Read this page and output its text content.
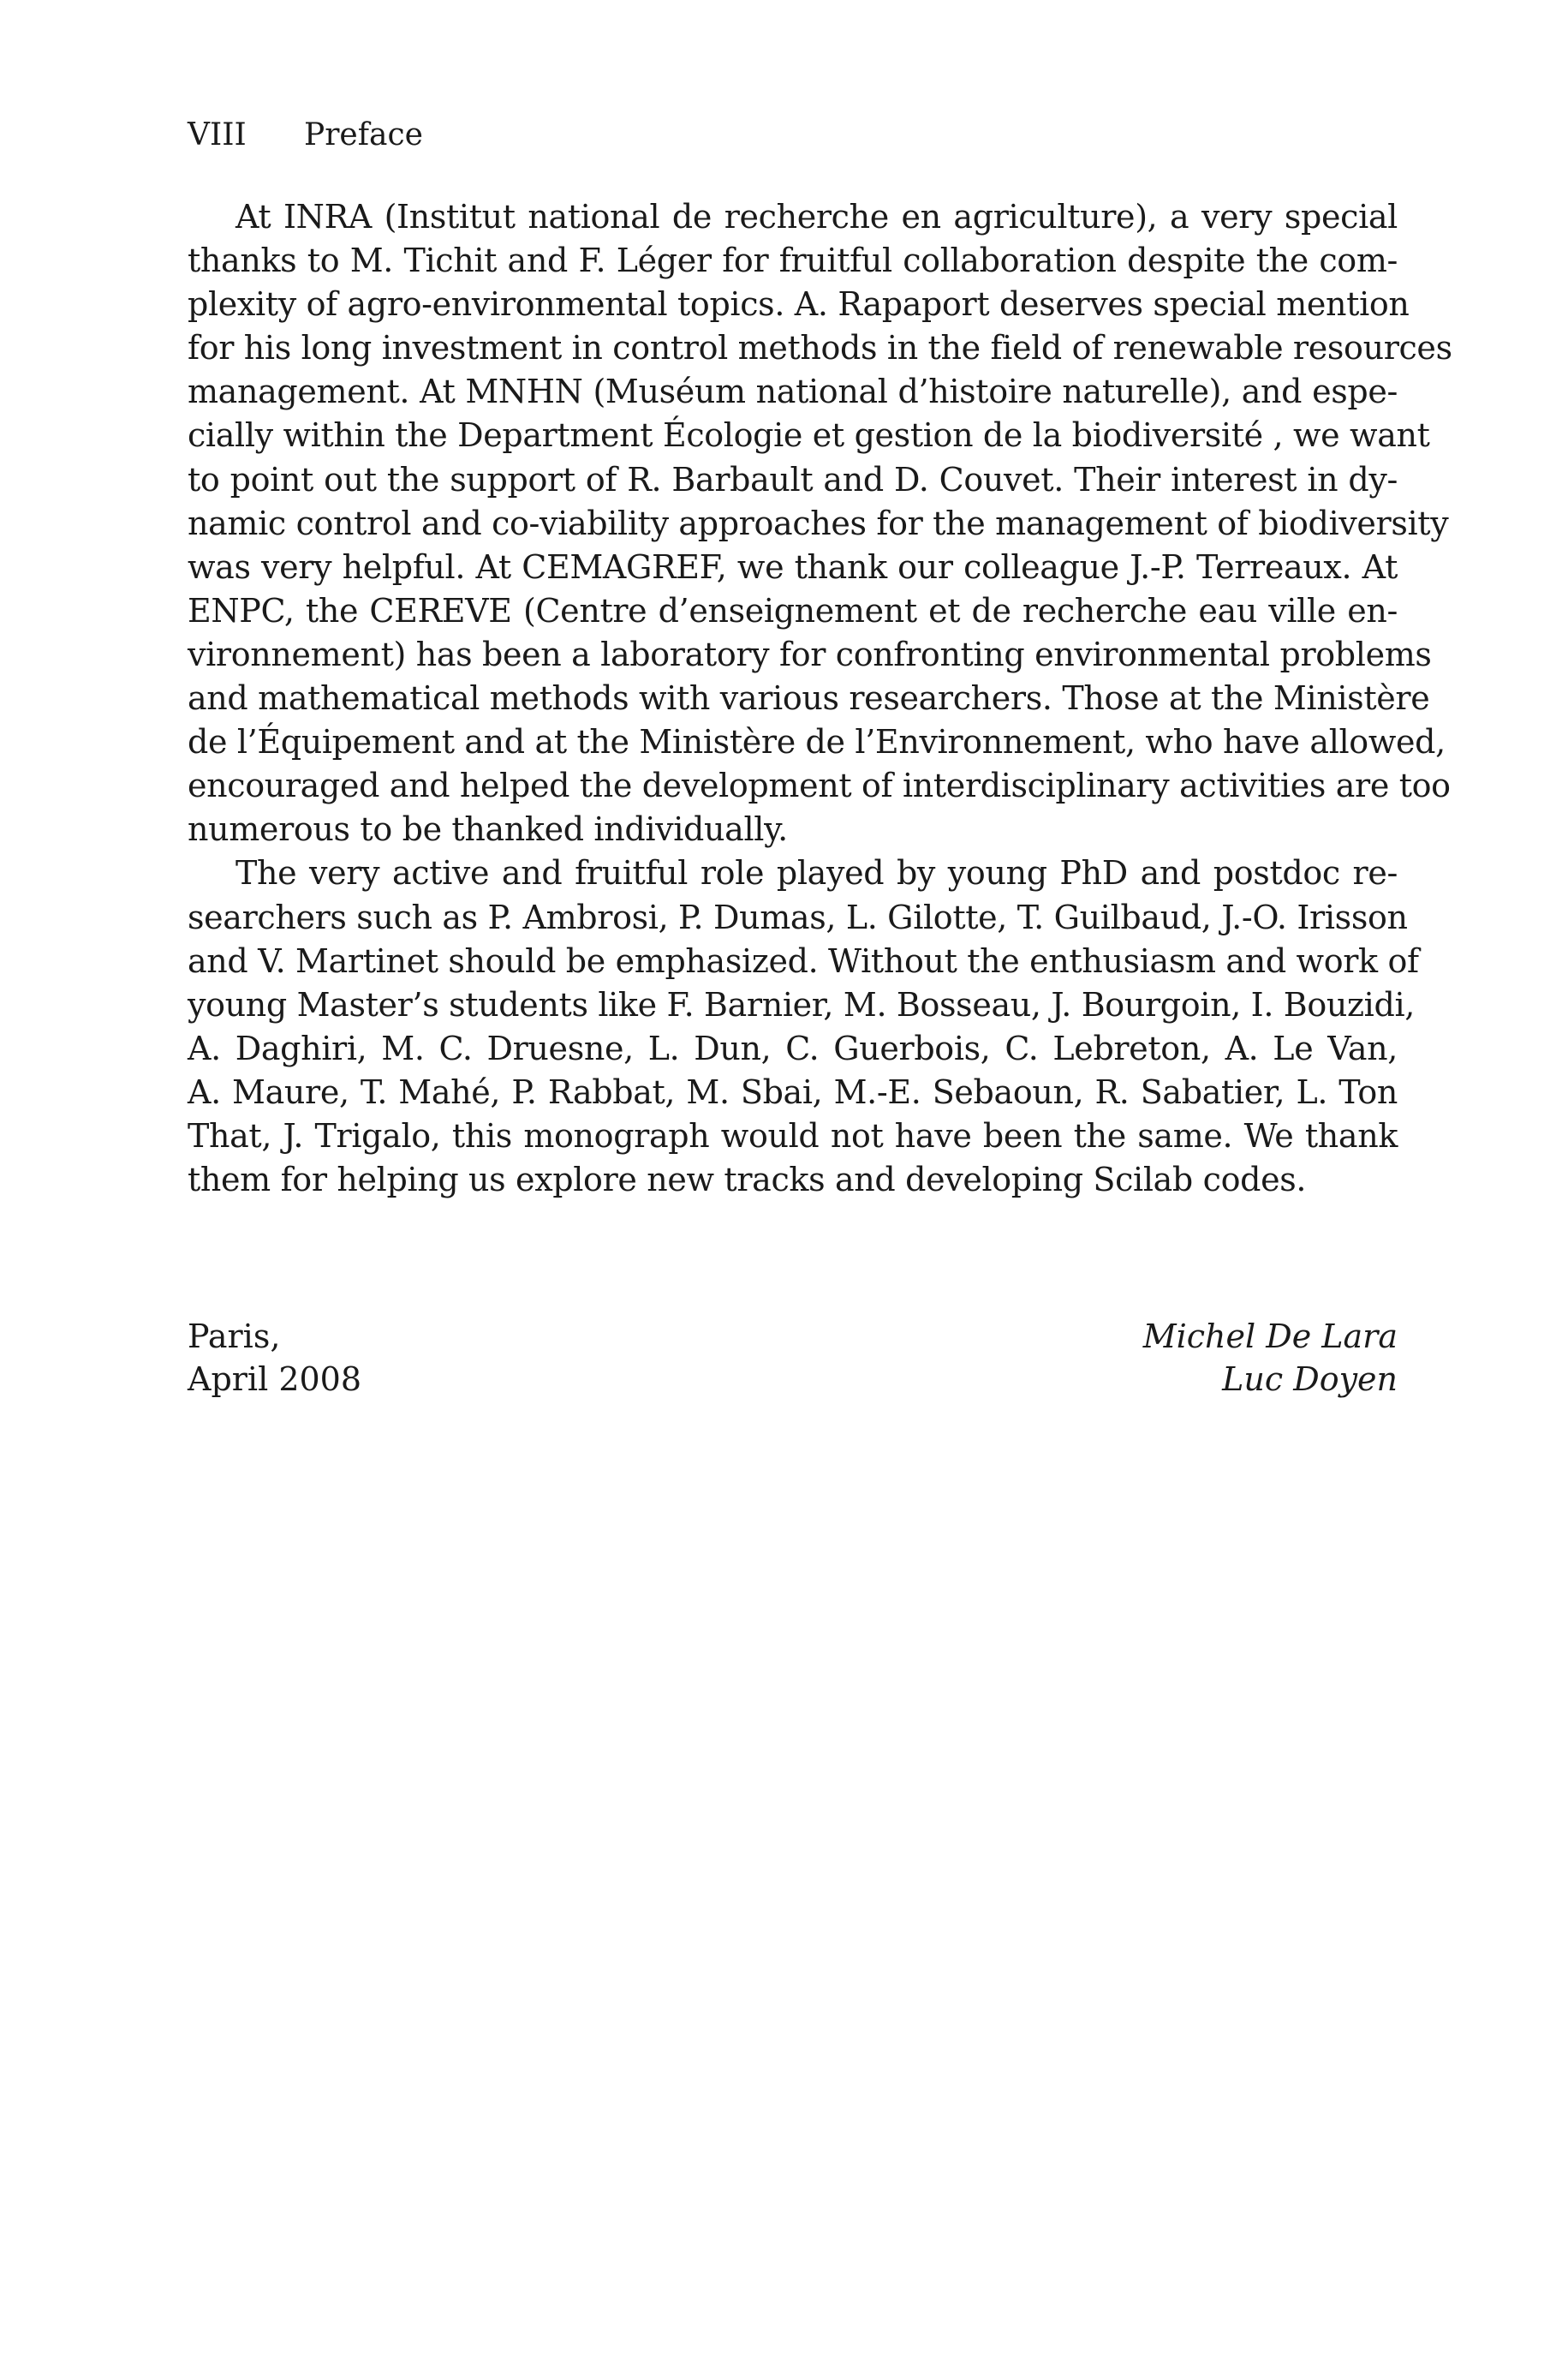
VIII Preface
At INRA (Institut national de recherche en agriculture), a very special
thanks to M. Tichit and F. Léger for fruitful collaboration despite the com-
plexity of agro-environmental topics. A. Rapaport deserves special mention
for his long investment in control methods in the field of renewable resources
management. At MNHN (Muséum national d’histoire naturelle), and espe-
cially within the Department Écologie et gestion de la biodiversité , we want
to point out the support of R. Barbault and D. Couvet. Their interest in dy-
namic control and co-viability approaches for the management of biodiversity
was very helpful. At CEMAGREF, we thank our colleague J.-P. Terreaux. At
ENPC, the CEREVE (Centre d’enseignement et de recherche eau ville en-
vironnement) has been a laboratory for confronting environmental problems
and mathematical methods with various researchers. Those at the Ministère
de l’Équipement and at the Ministère de l’Environnement, who have allowed,
encouraged and helped the development of interdisciplinary activities are too
numerous to be thanked individually.
The very active and fruitful role played by young PhD and postdoc re-
searchers such as P. Ambrosi, P. Dumas, L. Gilotte, T. Guilbaud, J.-O. Irisson
and V. Martinet should be emphasized. Without the enthusiasm and work of
young Master’s students like F. Barnier, M. Bosseau, J. Bourgoin, I. Bouzidi,
A. Daghiri, M. C. Druesne, L. Dun, C. Guerbois, C. Lebreton, A. Le Van,
A. Maure, T. Mahé, P. Rabbat, M. Sbai, M.-E. Sebaoun, R. Sabatier, L. Ton
That, J. Trigalo, this monograph would not have been the same. We thank
them for helping us explore new tracks and developing Scilab codes.
Paris,
April 2008
Michel De Lara
Luc Doyen
